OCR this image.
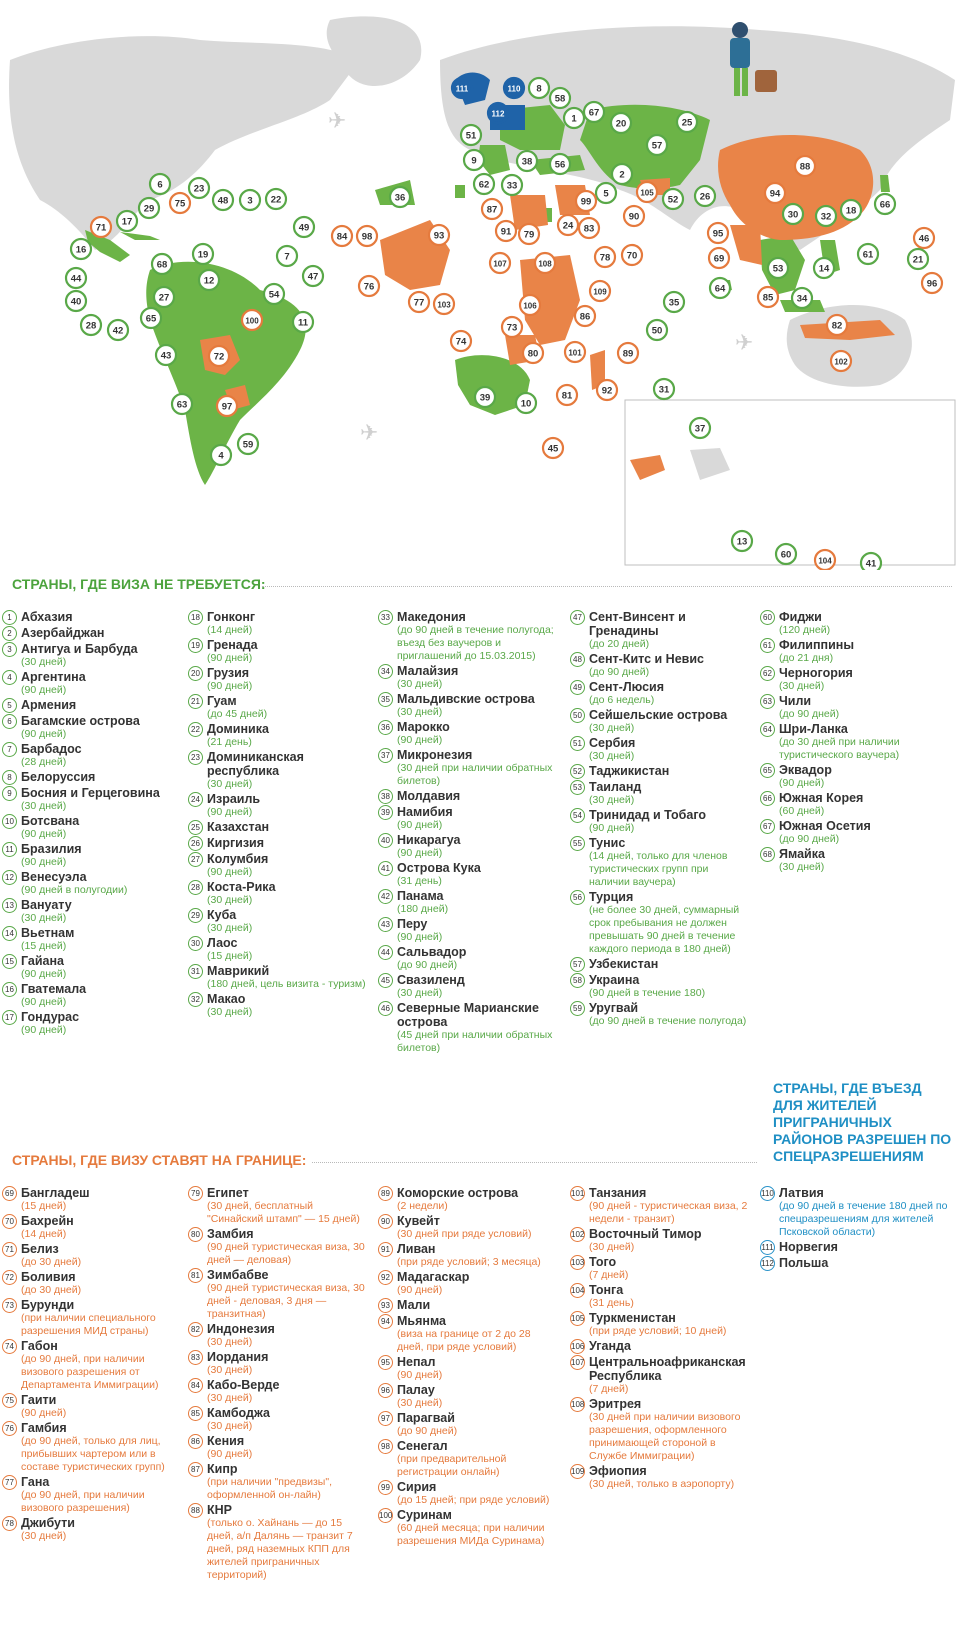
✈
✈
✈
111	110
112
8
58
1
67
25
20
51
57
88
9	38 56
2
62 33
5	105
52 26	94
66
6	23
75	48 3 22	36
87
99
90	30 32
18
29
71
17
49
84 98	93	91
24 83
70
95
69
79
16	19	7	61
46
68
12	47
78
107	108	53	14
21
44
76
54	109	64	96
40	27	77 103
85 34
35
28
65	100	11
106
86
42
74
73	50	82
43	72	80	101	89
102
39
10
81	92	31
63	97
45
4
59
37
13
60
104	41
СТРАНЫ, ГДЕ ВИЗА НЕ ТРЕБУЕТСЯ:
СТРАНЫ, ГДЕ ВИЗУ СТАВЯТ НА ГРАНИЦЕ:
СТРАНЫ, ГДЕ ВЪЕЗД ДЛЯ ЖИТЕЛЕЙ ПРИГРАНИЧНЫХ РАЙОНОВ РАЗРЕШЕН ПО СПЕЦРАЗРЕШЕНИЯМ
1 Абхазия
2 Азербайджан
3 Антигуа и Барбуда
(30 дней)
4 Аргентина
(90 дней)
5 Армения
6 Багамские острова
(90 дней)
7 Барбадос
(28 дней)
8 Белоруссия
9 Босния и Герцеговина
(30 дней)
10 Ботсвана
(90 дней)
11 Бразилия
(90 дней)
12 Венесуэла
(90 дней в полугодии)
13 Вануату
(30 дней)
14 Вьетнам
(15 дней)
15 Гайана
(90 дней)
16 Гватемала
(90 дней)
17 Гондурас
(90 дней)
18 Гонконг
(14 дней)
19 Гренада
(90 дней)
20 Грузия
(90 дней)
21 Гуам
(до 45 дней)
22 Доминика
(21 день)
23 Доминиканская республика
(30 дней)
24 Израиль
(90 дней)
25 Казахстан
26 Киргизия
27 Колумбия
(90 дней)
28 Коста-Рика
(30 дней)
29 Куба
(30 дней)
30 Лаос
(15 дней)
31 Маврикий
(180 дней, цель визита - туризм)
32 Макао
(30 дней)
33 Македония
(до 90 дней в течение полугода; въезд без ваучеров и приглашений до 15.03.2015)
34 Малайзия
(30 дней)
35 Мальдивские острова
(30 дней)
36 Марокко
(90 дней)
37 Микронезия
(30 дней при наличии обратных билетов)
38 Молдавия
39 Намибия
(90 дней)
40 Никарагуа
(90 дней)
41 Острова Кука
(31 день)
42 Панама
(180 дней)
43 Перу
(90 дней)
44 Сальвадор
(до 90 дней)
45 Свазиленд
(30 дней)
46 Северные Марианские острова
(45 дней при наличии обратных билетов)
47 Сент-Винсент и Гренадины
(до 20 дней)
48 Сент-Китс и Невис
(до 90 дней)
49 Сент-Люсия
(до 6 недель)
50 Сейшельские острова
(30 дней)
51 Сербия
(30 дней)
52 Таджикистан
53 Таиланд
(30 дней)
54 Тринидад и Тобаго
(90 дней)
55 Тунис
(14 дней, только для членов туристических групп при наличии ваучера)
56 Турция
(не более 30 дней, суммарный срок пребывания не должен превышать 90 дней в течение каждого периода в 180 дней)
57 Узбекистан
58 Украина
(90 дней в течение 180)
59 Уругвай
(до 90 дней в течение полугода)
60 Фиджи
(120 дней)
61 Филиппины
(до 21 дня)
62 Черногория
(30 дней)
63 Чили
(до 90 дней)
64 Шри-Ланка
(до 30 дней при наличии туристического ваучера)
65 Эквадор
(90 дней)
66 Южная Корея
(60 дней)
67 Южная Осетия
(до 90 дней)
68 Ямайка
(30 дней)
69 Бангладеш
(15 дней)
70 Бахрейн
(14 дней)
71 Белиз
(до 30 дней)
72 Боливия
(до 30 дней)
73 Бурунди
(при наличии специального разрешения МИД страны)
74 Габон
(до 90 дней, при наличии визового разрешения от Департамента Иммиграции)
75 Гаити
(90 дней)
76 Гамбия
(до 90 дней, только для лиц, прибывших чартером или в составе туристических групп)
77 Гана
(до 90 дней, при наличии визового разрешения)
78 Джибути
(30 дней)
79 Египет
(30 дней, бесплатный "Синайский штамп" — 15 дней)
80 Замбия
(90 дней туристическая виза, 30 дней — деловая)
81 Зимбабве
(90 дней туристическая виза, 30 дней - деловая, 3 дня — транзитная)
82 Индонезия
(30 дней)
83 Иордания
(30 дней)
84 Кабо-Верде
(30 дней)
85 Камбоджа
(30 дней)
86 Кения
(90 дней)
87 Кипр
(при наличии "предвизы", оформленной он-лайн)
88 КНР
(только о. Хайнань — до 15 дней, а/п Далянь — транзит 7 дней, ряд наземных КПП для жителей приграничных территорий)
89 Коморские острова
(2 недели)
90 Кувейт
(30 дней при ряде условий)
91 Ливан
(при ряде условий; 3 месяца)
92 Мадагаскар
(90 дней)
93 Мали
94 Мьянма
(виза на границе от 2 до 28 дней, при ряде условий)
95 Непал
(90 дней)
96 Палау
(30 дней)
97 Парагвай
(до 90 дней)
98 Сенегал
(при предварительной регистрации онлайн)
99 Сирия
(до 15 дней; при ряде условий)
100 Суринам
(60 дней месяца; при наличии разрешения МИДа Суринама)
101 Танзания
(90 дней - туристическая виза, 2 недели - транзит)
102 Восточный Тимор
(30 дней)
103 Того
(7 дней)
104 Тонга
(31 день)
105 Туркменистан
(при ряде условий; 10 дней)
106 Уганда
107 Центральноафриканская Республика
(7 дней)
108 Эритрея
(30 дней при наличии визового разрешения, оформленного принимающей стороной в Службе Иммиграции)
109 Эфиопия
(30 дней, только в аэропорту)
110 Латвия
(до 90 дней в течение 180 дней по спецразрешениям для жителей Псковской области)
111 Норвегия
112 Польша
